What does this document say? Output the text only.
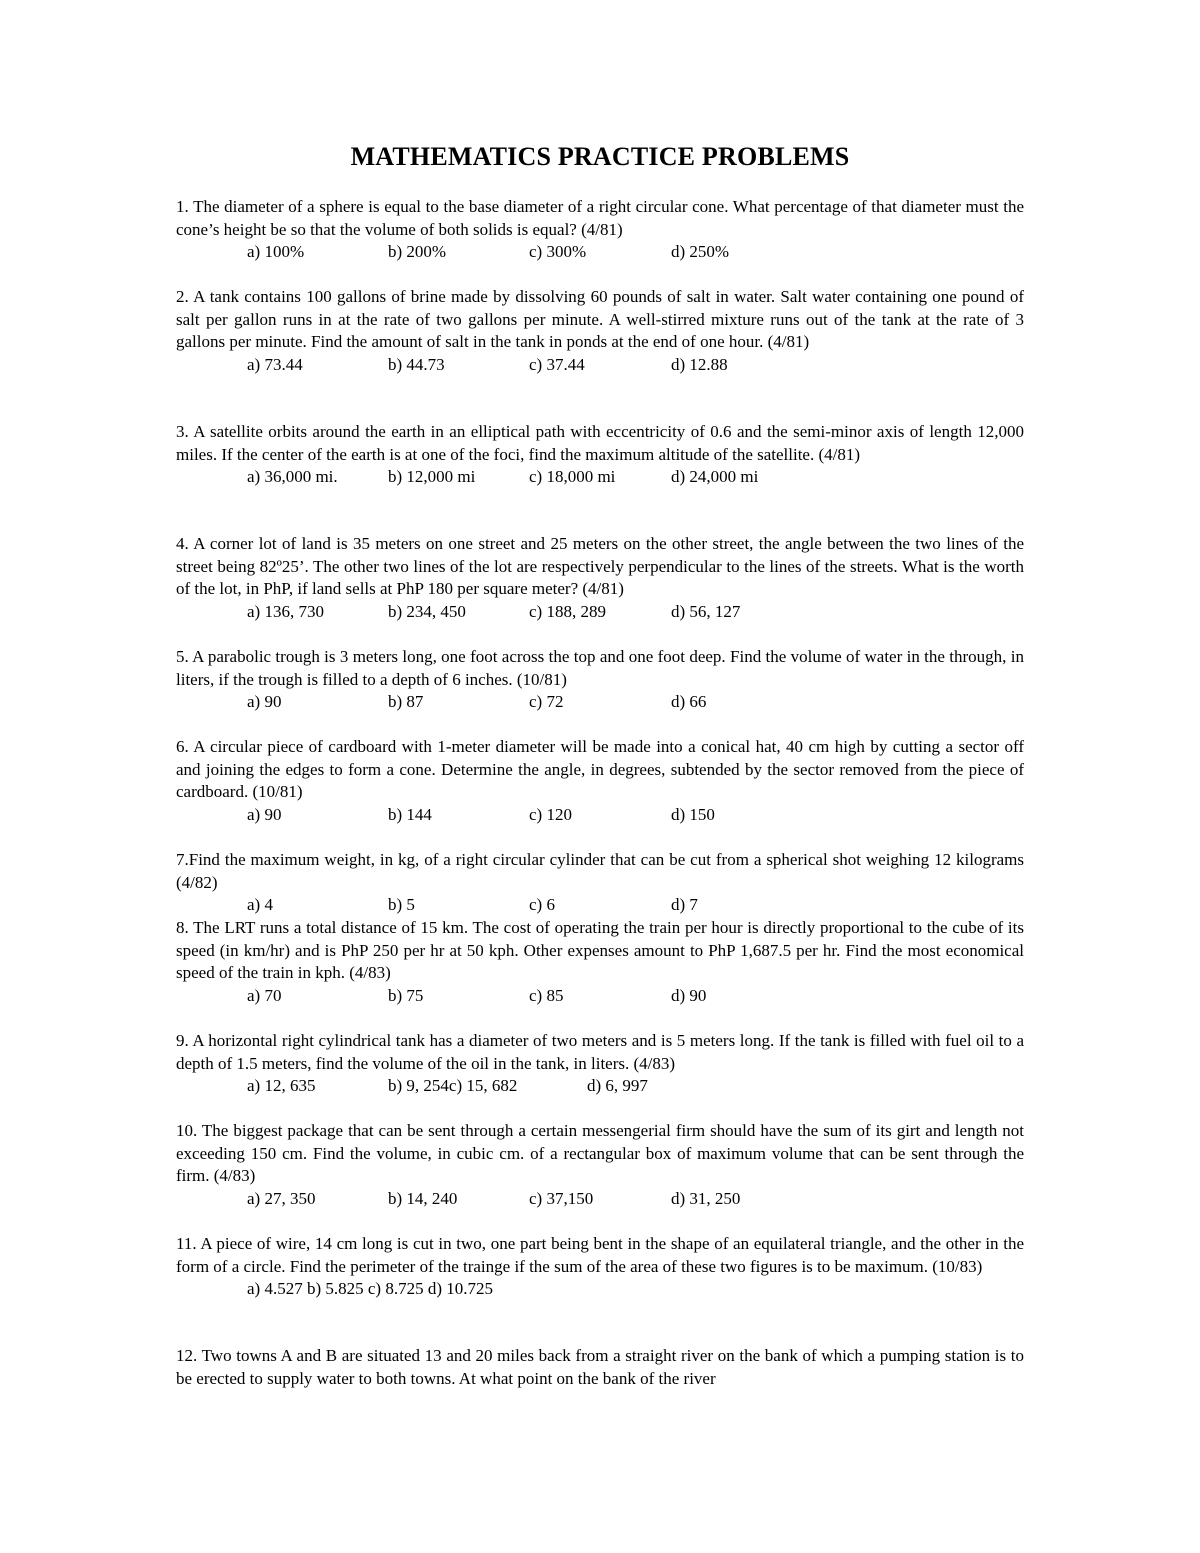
MATHEMATICS PRACTICE PROBLEMS
1. The diameter of a sphere is equal to the base diameter of a right circular cone. What percentage of that diameter must the cone’s height be so that the volume of both solids is equal? (4/81)
a) 100%	b) 200%	c) 300%	d) 250%
2. A tank contains 100 gallons of brine made by dissolving 60 pounds of salt in water. Salt water containing one pound of salt per gallon runs in at the rate of two gallons per minute. A well-stirred mixture runs out of the tank at the rate of 3 gallons per minute. Find the amount of salt in the tank in ponds at the end of one hour. (4/81)
a) 73.44	b) 44.73	c) 37.44	d) 12.88
3. A satellite orbits around the earth in an elliptical path with eccentricity of 0.6 and the semi-minor axis of length 12,000 miles. If the center of the earth is at one of the foci, find the maximum altitude of the satellite. (4/81)
a) 36,000 mi.	b) 12,000 mi	c) 18,000 mi	d) 24,000 mi
4. A corner lot of land is 35 meters on one street and 25 meters on the other street, the angle between the two lines of the street being 82º25’. The other two lines of the lot are respectively perpendicular to the lines of the streets. What is the worth of the lot, in PhP, if land sells at PhP 180 per square meter? (4/81)
a) 136, 730	b) 234, 450	c) 188, 289	d) 56, 127
5. A parabolic trough is 3 meters long, one foot across the top and one foot deep. Find the volume of water in the through, in liters, if the trough is filled to a depth of 6 inches. (10/81)
a) 90	b) 87	c) 72	d) 66
6. A circular piece of cardboard with 1-meter diameter will be made into a conical hat, 40 cm high by cutting a sector off and joining the edges to form a cone. Determine the angle, in degrees, subtended by the sector removed from the piece of cardboard. (10/81)
a) 90	b) 144	c) 120	d) 150
7.Find the maximum weight, in kg, of a right circular cylinder that can be cut from a spherical shot weighing 12 kilograms (4/82)
a) 4	b) 5	c) 6	d) 7
8. The LRT runs a total distance of 15 km. The cost of operating the train per hour is directly proportional to the cube of its speed (in km/hr) and is PhP 250 per hr at 50 kph. Other expenses amount to PhP 1,687.5 per hr. Find the most economical speed of the train in kph. (4/83)
a) 70	b) 75	c) 85	d) 90
9. A horizontal right cylindrical tank has a diameter of two meters and is 5 meters long. If the tank is filled with fuel oil to a depth of 1.5 meters, find the volume of the oil in the tank, in liters. (4/83)
a) 12, 635	b) 9, 254c) 15, 682	d) 6, 997
10. The biggest package that can be sent through a certain messengerial firm should have the sum of its girt and length not exceeding 150 cm. Find the volume, in cubic cm. of a rectangular box of maximum volume that can be sent through the firm. (4/83)
a) 27, 350	b) 14, 240	c) 37,150	d) 31, 250
11. A piece of wire, 14 cm long is cut in two, one part being bent in the shape of an equilateral triangle, and the other in the form of a circle. Find the perimeter of the trainge if the sum of the area of these two figures is to be maximum. (10/83)
a) 4.527 b) 5.825 c) 8.725 d) 10.725
12. Two towns A and B are situated 13 and 20 miles back from a straight river on the bank of which a pumping station is to be erected to supply water to both towns. At what point on the bank of the river
